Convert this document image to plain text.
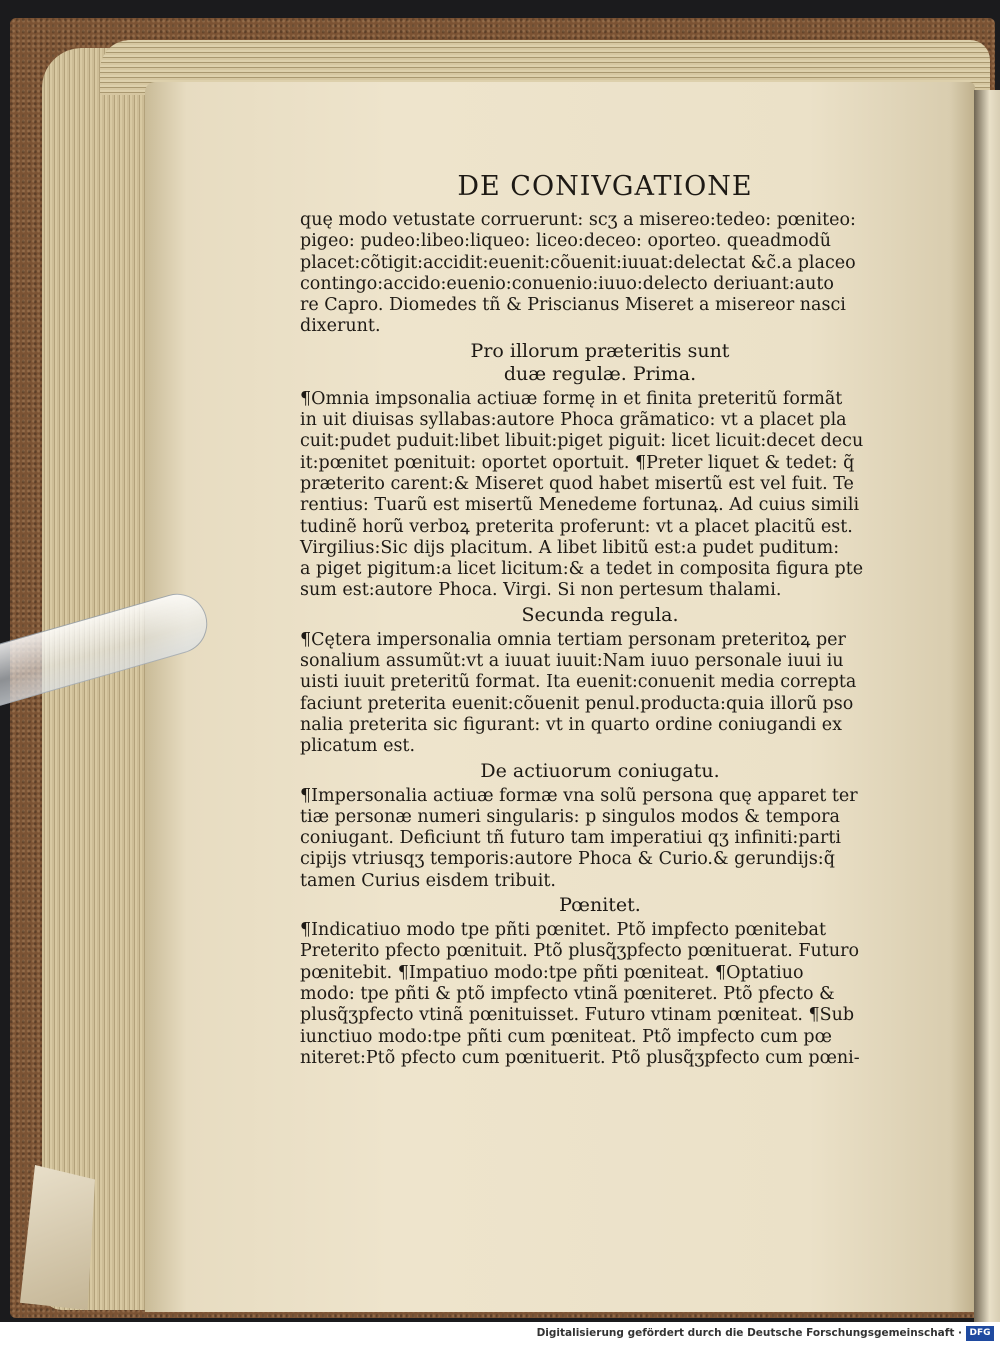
DE CONIVGATIONE
quę modo vetustate corruerunt: scʒ a misereo:tedeo: pœniteo:
pigeo: pudeo:libeo:liqueo: liceo:deceo: oporteo. queadmodũ
placet:cõtigit:accidit:euenit:cõuenit:iuuat:delectat &c̃.a placeo
contingo:accido:euenio:conuenio:iuuo:delecto deriuant:auto
re Capro. Diomedes tñ & Priscianus Miseret a misereor nasci
dixerunt.
Pro illorum præteritis sunt
duæ regulæ. Prima.
¶Omnia impsonalia actiuæ formę in et finita preteritũ formãt
in uit diuisas syllabas:autore Phoca grãmatico: vt a placet pla
cuit:pudet puduit:libet libuit:piget piguit: licet licuit:decet decu
it:pœnitet pœnituit: oportet oportuit. ¶Preter liquet & tedet: q̃
præterito carent:& Miseret quod habet misertũ est vel fuit. Te
rentius: Tuarũ est misertũ Menedeme fortunaꝝ. Ad cuius simili
tudinẽ horũ verboꝝ preterita proferunt: vt a placet placitũ est.
Virgilius:Sic dijs placitum. A libet libitũ est:a pudet puditum:
a piget pigitum:a licet licitum:& a tedet in composita figura pte
sum est:autore Phoca. Virgi. Si non pertesum thalami.
Secunda regula.
¶Cętera impersonalia omnia tertiam personam preteritoꝝ per
sonalium assumũt:vt a iuuat iuuit:Nam iuuo personale iuui iu
uisti iuuit preteritũ format. Ita euenit:conuenit media correpta
faciunt preterita euenit:cõuenit penul.producta:quia illorũ pso
nalia preterita sic figurant: vt in quarto ordine coniugandi ex
plicatum est.
De actiuorum coniugatu.
¶Impersonalia actiuæ formæ vna solũ persona quę apparet ter
tiæ personæ numeri singularis: p singulos modos & tempora
coniugant. Deficiunt tñ futuro tam imperatiui qʒ infiniti:parti
cipijs vtriusqʒ temporis:autore Phoca & Curio.& gerundijs:q̃
tamen Curius eisdem tribuit.
Pœnitet.
¶Indicatiuo modo tpe pñti pœnitet. Ptõ impfecto pœnitebat
Preterito pfecto pœnituit. Ptõ plusq̃ʒpfecto pœnituerat. Futuro
pœnitebit. ¶Impatiuo modo:tpe pñti pœniteat. ¶Optatiuo
modo: tpe pñti & ptõ impfecto vtinã pœniteret. Ptõ pfecto &
plusq̃ʒpfecto vtinã pœnituisset. Futuro vtinam pœniteat. ¶Sub
iunctiuo modo:tpe pñti cum pœniteat. Ptõ impfecto cum pœ
niteret:Ptõ pfecto cum pœnituerit. Ptõ plusq̃ʒpfecto cum pœni-
Digitalisierung gefördert durch die Deutsche Forschungsgemeinschaft · DFG
